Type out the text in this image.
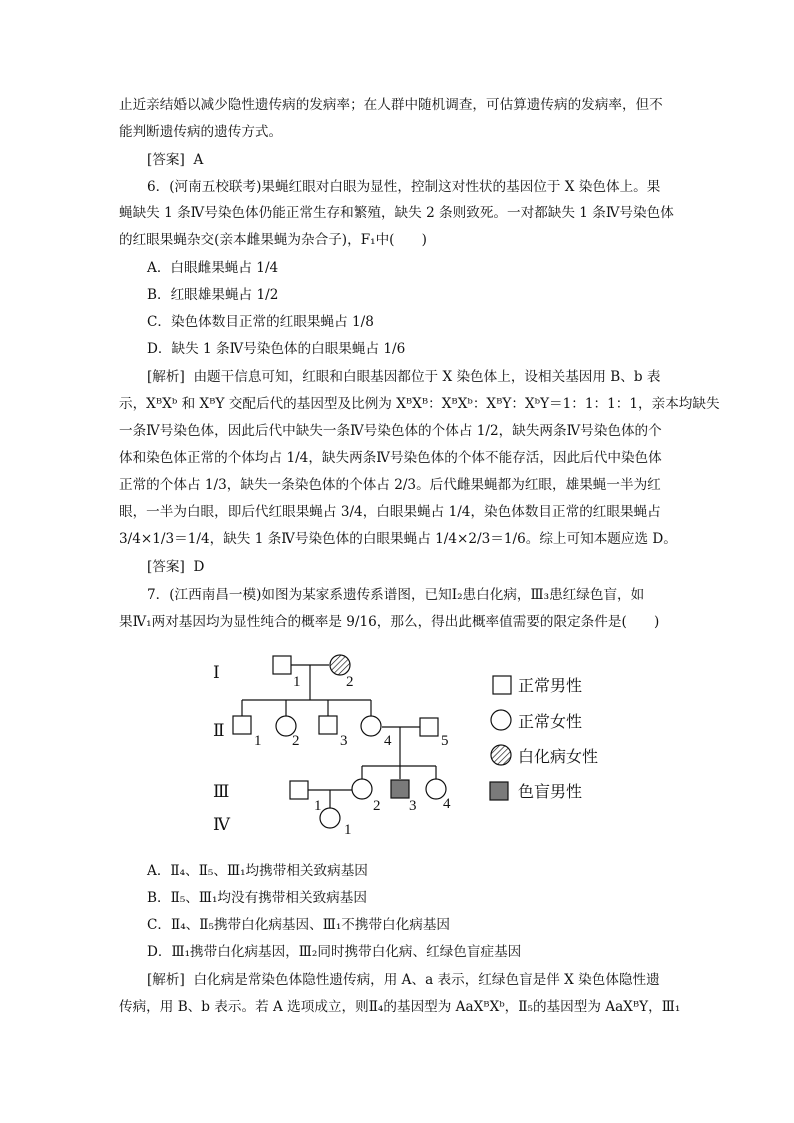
止近亲结婚以减少隐性遗传病的发病率；在人群中随机调查，可估算遗传病的发病率，但不
能判断遗传病的遗传方式。
[答案] A
6．(河南五校联考)果蝇红眼对白眼为显性，控制这对性状的基因位于 X 染色体上。果
蝇缺失 1 条Ⅳ号染色体仍能正常生存和繁殖，缺失 2 条则致死。一对都缺失 1 条Ⅳ号染色体
的红眼果蝇杂交(亲本雌果蝇为杂合子)，F₁中(　　)
A．白眼雌果蝇占 1/4
B．红眼雄果蝇占 1/2
C．染色体数目正常的红眼果蝇占 1/8
D．缺失 1 条Ⅳ号染色体的白眼果蝇占 1/6
[解析] 由题干信息可知，红眼和白眼基因都位于 X 染色体上，设相关基因用 B、b 表
示，XᴮXᵇ 和 XᴮY 交配后代的基因型及比例为 XᴮXᴮ：XᴮXᵇ：XᴮY：XᵇY＝1：1：1：1，亲本均缺失
一条Ⅳ号染色体，因此后代中缺失一条Ⅳ号染色体的个体占 1/2，缺失两条Ⅳ号染色体的个
体和染色体正常的个体均占 1/4，缺失两条Ⅳ号染色体的个体不能存活，因此后代中染色体
正常的个体占 1/3，缺失一条染色体的个体占 2/3。后代雌果蝇都为红眼，雄果蝇一半为红
眼，一半为白眼，即后代红眼果蝇占 3/4，白眼果蝇占 1/4，染色体数目正常的红眼果蝇占
3/4×1/3＝1/4，缺失 1 条Ⅳ号染色体的白眼果蝇占 1/4×2/3＝1/6。综上可知本题应选 D。
[答案] D
7．(江西南昌一模)如图为某家系遗传系谱图，已知Ⅰ₂患白化病，Ⅲ₃患红绿色盲，如
果Ⅳ₁两对基因均为显性纯合的概率是 9/16，那么，得出此概率值需要的限定条件是(　　)
Ⅰ
Ⅱ
Ⅲ
Ⅳ
1	2
1 2	3 4	5
1	2 3 4
1
正常男性
正常女性
白化病女性
色盲男性
A．Ⅱ₄、Ⅱ₅、Ⅲ₁均携带相关致病基因
B．Ⅱ₅、Ⅲ₁均没有携带相关致病基因
C．Ⅱ₄、Ⅱ₅携带白化病基因、Ⅲ₁不携带白化病基因
D．Ⅲ₁携带白化病基因，Ⅲ₂同时携带白化病、红绿色盲症基因
[解析] 白化病是常染色体隐性遗传病，用 A、a 表示，红绿色盲是伴 X 染色体隐性遗
传病，用 B、b 表示。若 A 选项成立，则Ⅱ₄的基因型为 AaXᴮXᵇ，Ⅱ₅的基因型为 AaXᴮY，Ⅲ₁
